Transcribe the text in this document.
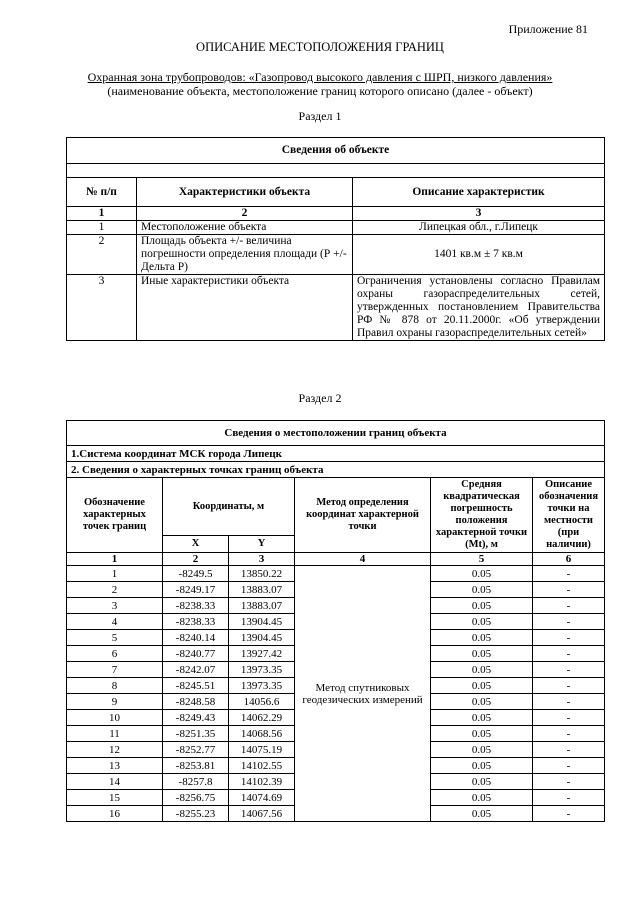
Приложение 81
ОПИСАНИЕ МЕСТОПОЛОЖЕНИЯ ГРАНИЦ
Охранная зона трубопроводов: «Газопровод высокого давления с ШРП, низкого давления»
(наименование объекта, местоположение границ которого описано (далее - объект)
Раздел 1
Сведения об объекте		

№ п/п	Характеристики объекта	Описание характеристик
1	2	3
1	Местоположение объекта	Липецкая обл., г.Липецк
2	Площадь объекта +/- величина погрешности определения площади (Р +/- Дельта Р)	1401 кв.м ± 7 кв.м
3	Иные характеристики объекта	Ограничения установлены согласно Правилам охраны газораспределительных сетей, утвержденных постановлением Правительства РФ № 878 от 20.11.2000г. «Об утверждении Правил охраны газораспределительных сетей»
Раздел 2
Сведения о местоположении границ объекта					
1.Система координат МСК города Липецк					
2. Сведения о характерных точках границ объекта					
Обозначение характерных точек границ	Координаты, м		Метод определения координат характерной точки	Средняя квадратическая погрешность положения характерной точки (Mt), м	Описание обозначения точки на местности (при наличии)
	X	Y			
1	2	3	4	5	6
1	-8249.5	13850.22	Метод спутниковых геодезических измерений	0.05	-
2	-8249.17	13883.07		0.05	-
3	-8238.33	13883.07		0.05	-
4	-8238.33	13904.45		0.05	-
5	-8240.14	13904.45		0.05	-
6	-8240.77	13927.42		0.05	-
7	-8242.07	13973.35		0.05	-
8	-8245.51	13973.35		0.05	-
9	-8248.58	14056.6		0.05	-
10	-8249.43	14062.29		0.05	-
11	-8251.35	14068.56		0.05	-
12	-8252.77	14075.19		0.05	-
13	-8253.81	14102.55		0.05	-
14	-8257.8	14102.39		0.05	-
15	-8256.75	14074.69		0.05	-
16	-8255.23	14067.56		0.05	-
